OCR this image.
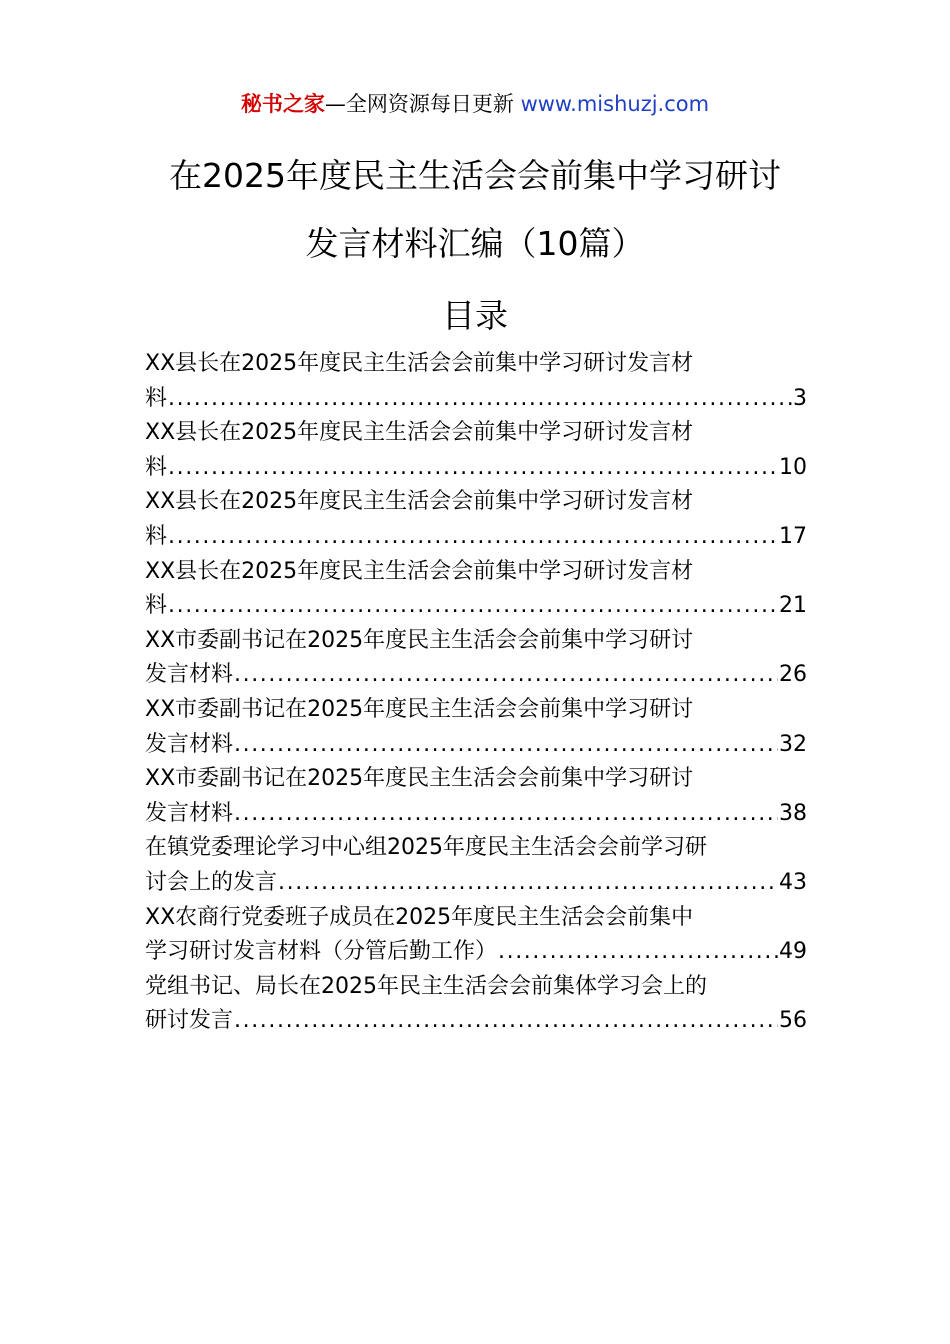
秘书之家—全网资源每日更新 www.mishuzj.com
在2025年度民主生活会会前集中学习研讨
发言材料汇编（10篇）
目录
XX县长在2025年度民主生活会会前集中学习研讨发言材
料 .....	3
XX县长在2025年度民主生活会会前集中学习研讨发言材
料 .....	10
XX县长在2025年度民主生活会会前集中学习研讨发言材
料 .....	17
XX县长在2025年度民主生活会会前集中学习研讨发言材
料 .....	21
XX市委副书记在2025年度民主生活会会前集中学习研讨
发言材料 .....	26
XX市委副书记在2025年度民主生活会会前集中学习研讨
发言材料 .....	32
XX市委副书记在2025年度民主生活会会前集中学习研讨
发言材料 .....	38
在镇党委理论学习中心组2025年度民主生活会会前学习研
讨会上的发言 .....	43
XX农商行党委班子成员在2025年度民主生活会会前集中
学习研讨发言材料（分管后勤工作） .....	49
党组书记、局长在2025年民主生活会会前集体学习会上的
研讨发言 .....	56
